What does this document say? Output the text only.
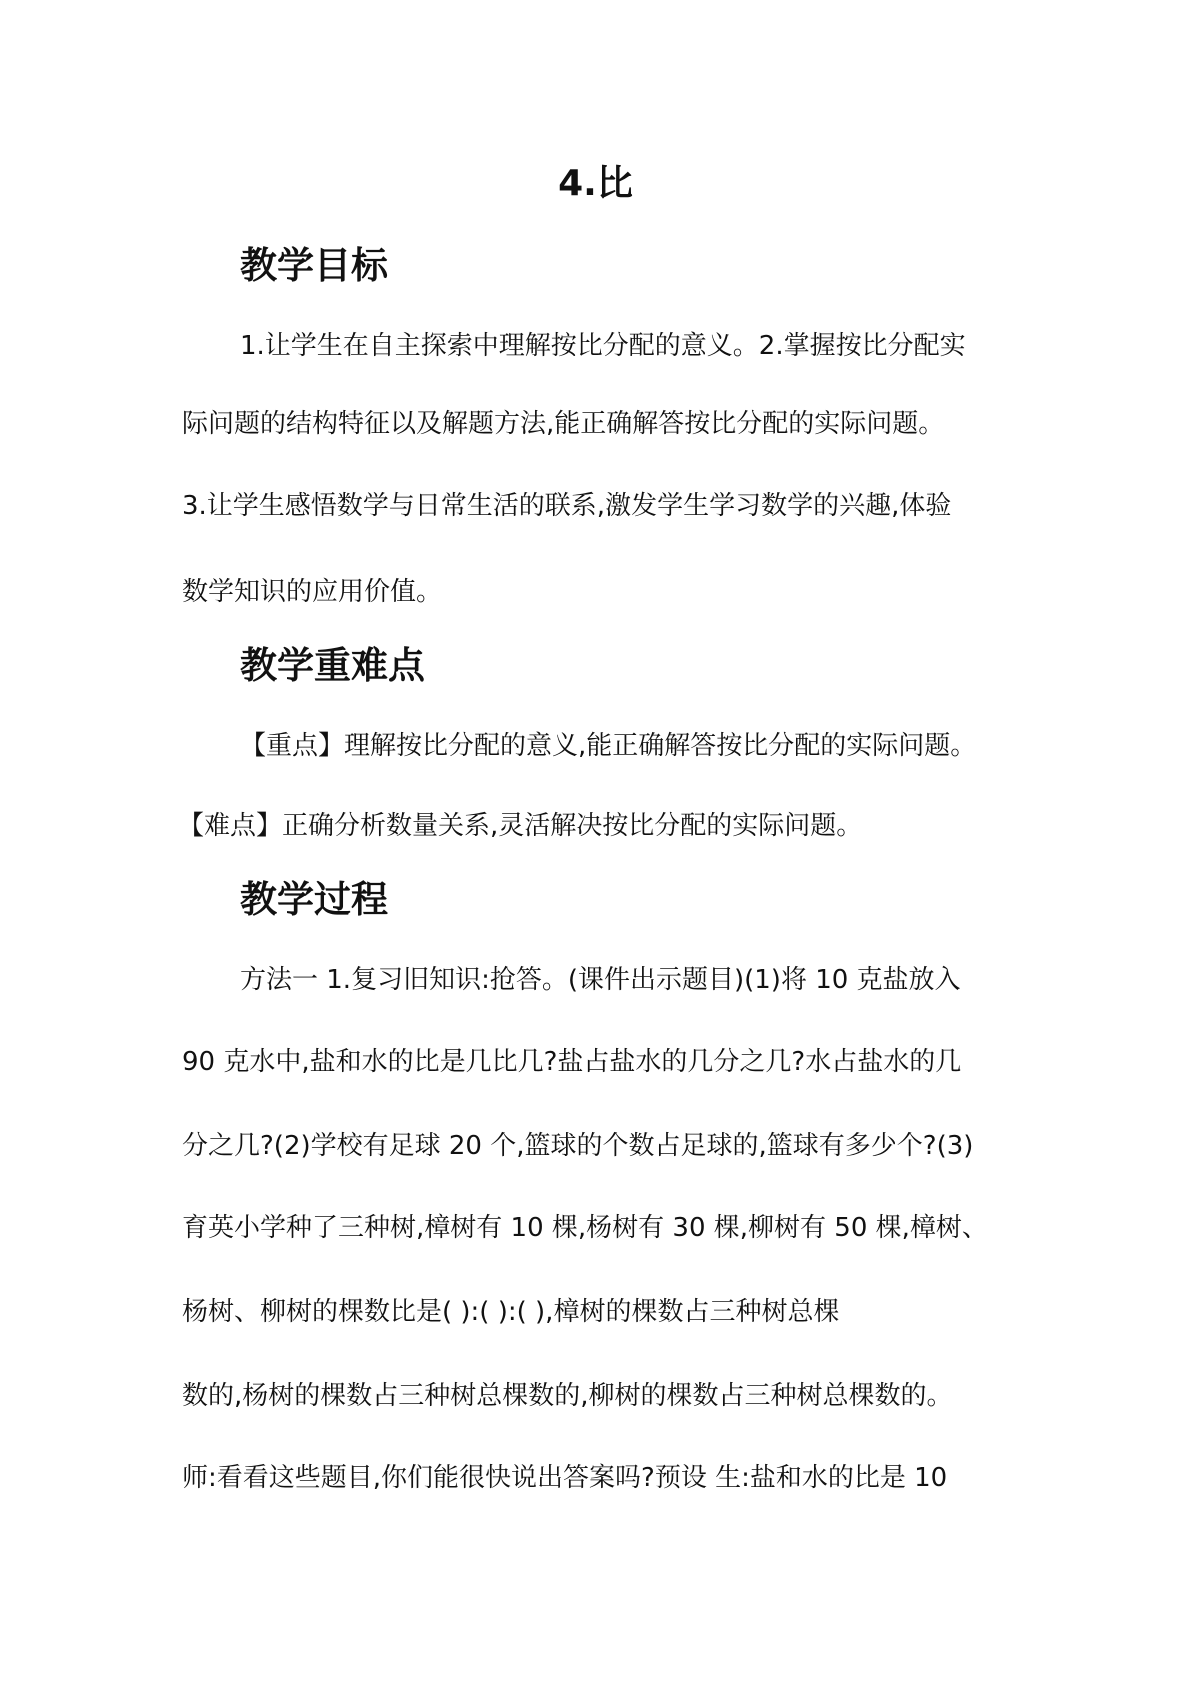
4.比
教学目标
1.让学生在自主探索中理解按比分配的意义。2.掌握按比分配实
际问题的结构特征以及解题方法,能正确解答按比分配的实际问题。
3.让学生感悟数学与日常生活的联系,激发学生学习数学的兴趣,体验
数学知识的应用价值。
教学重难点
【重点】理解按比分配的意义,能正确解答按比分配的实际问题。
【难点】正确分析数量关系,灵活解决按比分配的实际问题。
教学过程
方法一 1.复习旧知识:抢答。(课件出示题目)(1)将 10 克盐放入
90 克水中,盐和水的比是几比几?盐占盐水的几分之几?水占盐水的几
分之几?(2)学校有足球 20 个,篮球的个数占足球的,篮球有多少个?(3)
育英小学种了三种树,樟树有 10 棵,杨树有 30 棵,柳树有 50 棵,樟树、
杨树、柳树的棵数比是( ):( ):( ),樟树的棵数占三种树总棵
数的,杨树的棵数占三种树总棵数的,柳树的棵数占三种树总棵数的。
师:看看这些题目,你们能很快说出答案吗?预设 生:盐和水的比是 10
